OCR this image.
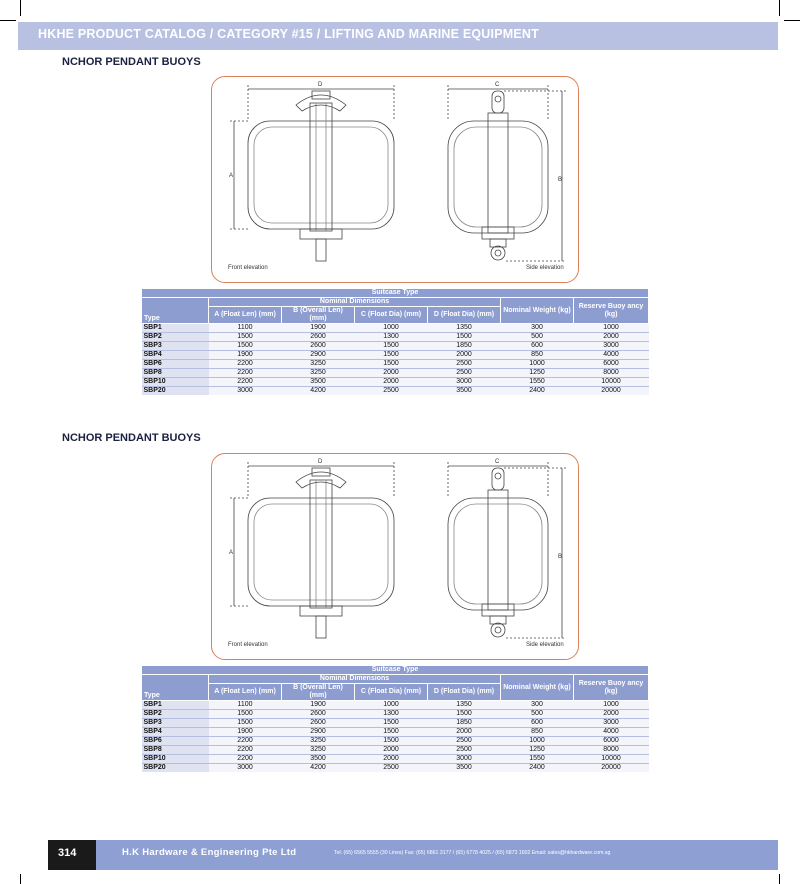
HKHE PRODUCT CATALOG / CATEGORY #15 / LIFTING AND MARINE EQUIPMENT
NCHOR PENDANT BUOYS
D
A
C
B
Front elevation	Side elevation
Suitcase Type						
Type	Nominal Dimensions				Nominal Weight (kg)	Reserve Buoy ancy (kg)
	A (Float Len) (mm)	B (Overall Len) (mm)	C (Float Dia) (mm)	D (Float Dia) (mm)		
SBP1	1100	1900	1000	1350	300	1000
SBP2	1500	2600	1300	1500	500	2000
SBP3	1500	2600	1500	1850	600	3000
SBP4	1900	2900	1500	2000	850	4000
SBP6	2200	3250	1500	2500	1000	6000
SBP8	2200	3250	2000	2500	1250	8000
SBP10	2200	3500	2000	3000	1550	10000
SBP20	3000	4200	2500	3500	2400	20000
NCHOR PENDANT BUOYS
D
A
C
B
Front elevation	Side elevation
Suitcase Type						
Type	Nominal Dimensions				Nominal Weight (kg)	Reserve Buoy ancy (kg)
	A (Float Len) (mm)	B (Overall Len) (mm)	C (Float Dia) (mm)	D (Float Dia) (mm)		
SBP1	1100	1900	1000	1350	300	1000
SBP2	1500	2600	1300	1500	500	2000
SBP3	1500	2600	1500	1850	600	3000
SBP4	1900	2900	1500	2000	850	4000
SBP6	2200	3250	1500	2500	1000	6000
SBP8	2200	3250	2000	2500	1250	8000
SBP10	2200	3500	2000	3000	1550	10000
SBP20	3000	4200	2500	3500	2400	20000
314	H.K Hardware & Engineering Pte Ltd	Tel: (65) 6565 5555 (30 Lines) Fax: (65) 6861 3177 / (65) 6778 4025 / (65) 6873 1602 Email: sales@hkhardware.com.sg
